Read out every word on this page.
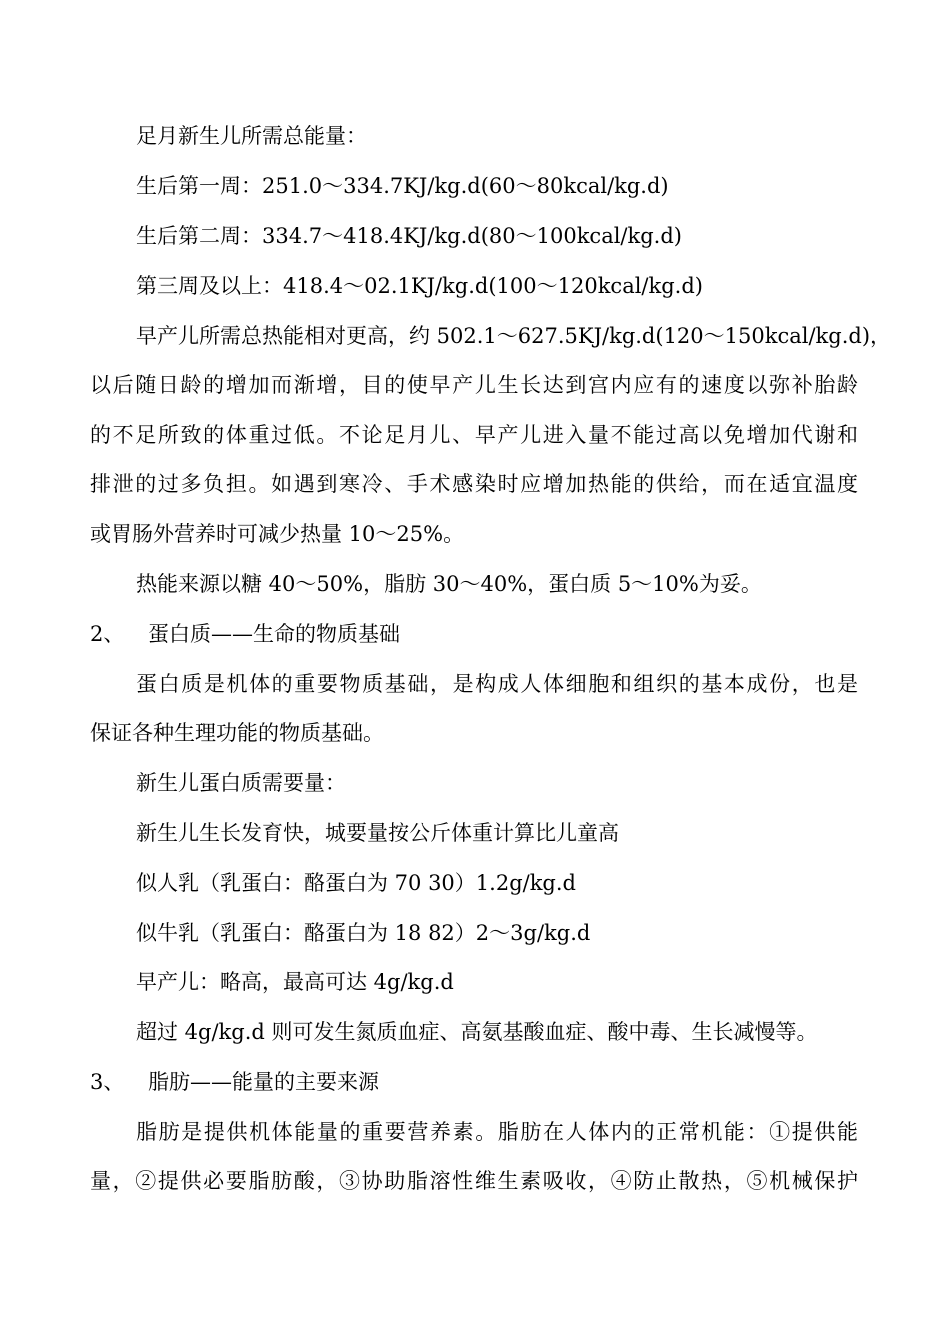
足月新生儿所需总能量：
生后第一周：251.0～334.7KJ/kg.d(60～80kcal/kg.d)
生后第二周：334.7～418.4KJ/kg.d(80～100kcal/kg.d)
第三周及以上：418.4～02.1KJ/kg.d(100～120kcal/kg.d)
早产儿所需总热能相对更高，约 502.1～627.5KJ/kg.d(120～150kcal/kg.d)，
以后随日龄的增加而渐增，目的使早产儿生长达到宫内应有的速度以弥补胎龄
的不足所致的体重过低。不论足月儿、早产儿进入量不能过高以免增加代谢和
排泄的过多负担。如遇到寒冷、手术感染时应增加热能的供给，而在适宜温度
或胃肠外营养时可减少热量 10～25%。
热能来源以糖 40～50%，脂肪 30～40%，蛋白质 5～10%为妥。
2、 蛋白质——生命的物质基础
蛋白质是机体的重要物质基础，是构成人体细胞和组织的基本成份，也是
保证各种生理功能的物质基础。
新生儿蛋白质需要量：
新生儿生长发育快，城要量按公斤体重计算比儿童高
似人乳（乳蛋白：酪蛋白为 70 30）1.2g/kg.d
似牛乳（乳蛋白：酪蛋白为 18 82）2～3g/kg.d
早产儿：略高，最高可达 4g/kg.d
超过 4g/kg.d 则可发生氮质血症、高氨基酸血症、酸中毒、生长减慢等。
3、 脂肪——能量的主要来源
脂肪是提供机体能量的重要营养素。脂肪在人体内的正常机能：①提供能
量，②提供必要脂肪酸，③协助脂溶性维生素吸收，④防止散热，⑤机械保护
